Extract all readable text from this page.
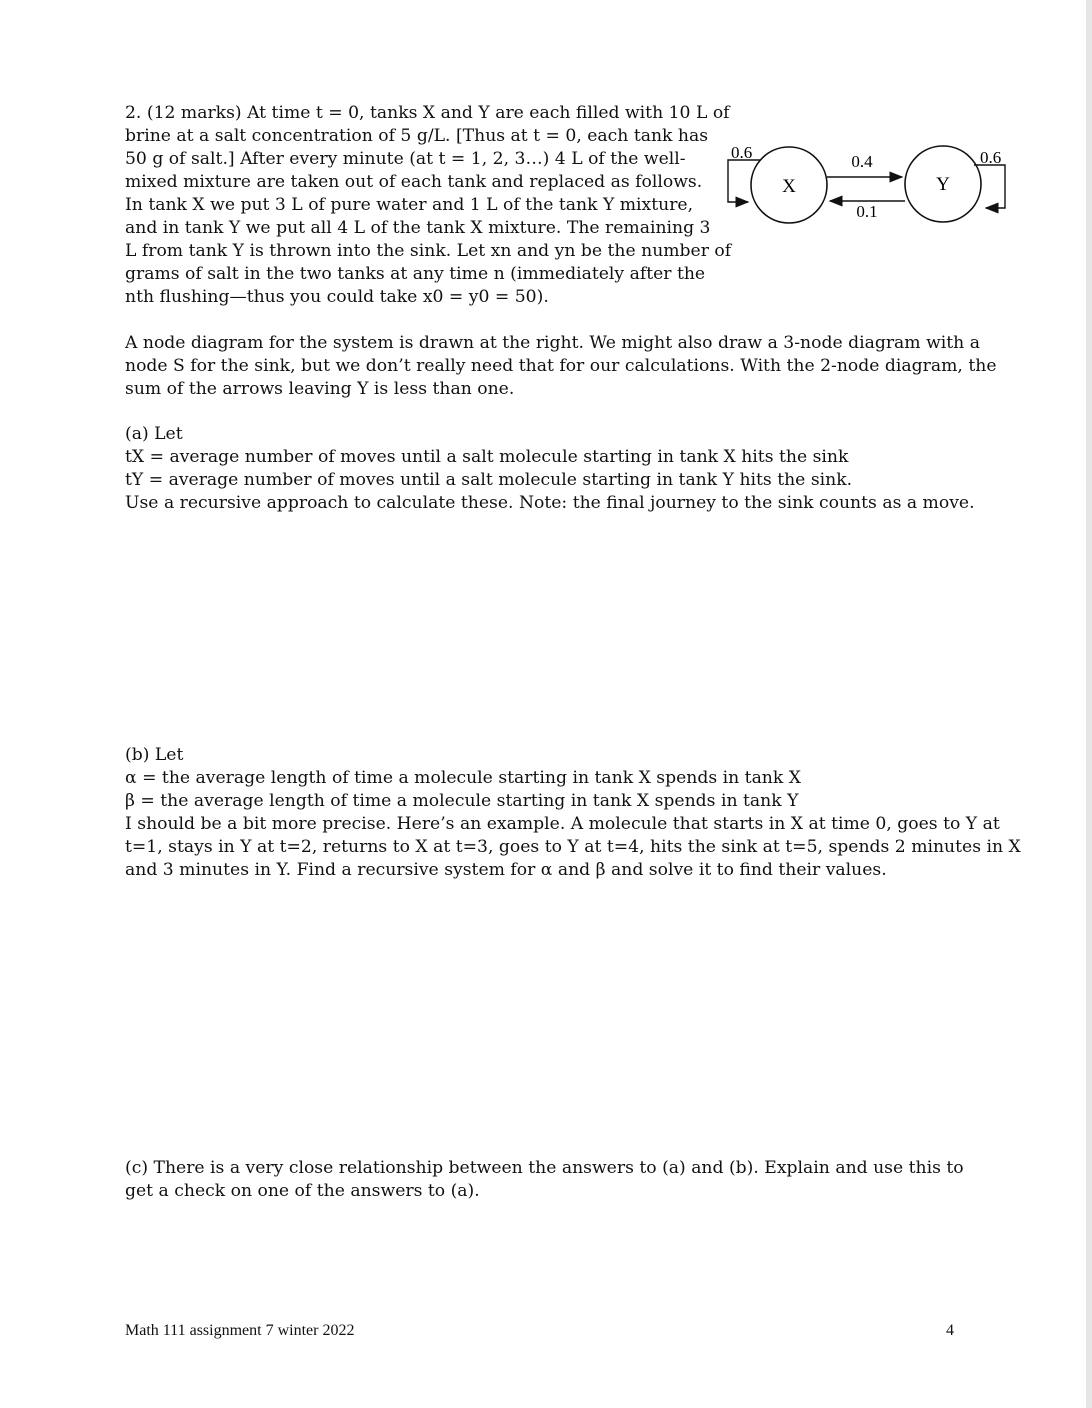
2. (12 marks) At time t = 0, tanks X and Y are each filled with 10 L of
brine at a salt concentration of 5 g/L. [Thus at t = 0, each tank has
50 g of salt.] After every minute (at t = 1, 2, 3…) 4 L of the well-
mixed mixture are taken out of each tank and replaced as follows.
In tank X we put 3 L of pure water and 1 L of the tank Y mixture,
and in tank Y we put all 4 L of the tank X mixture. The remaining 3
L from tank Y is thrown into the sink. Let xn and yn be the number of
grams of salt in the two tanks at any time n (immediately after the
nth flushing—thus you could take x0 = y0 = 50).
X	Y
0.6	0.4
0.1
0.6
A node diagram for the system is drawn at the right. We might also draw a 3-node diagram with a
node S for the sink, but we don’t really need that for our calculations. With the 2-node diagram, the
sum of the arrows leaving Y is less than one.
(a) Let
tX = average number of moves until a salt molecule starting in tank X hits the sink
tY = average number of moves until a salt molecule starting in tank Y hits the sink.
Use a recursive approach to calculate these. Note: the final journey to the sink counts as a move.
(b) Let
α = the average length of time a molecule starting in tank X spends in tank X
β = the average length of time a molecule starting in tank X spends in tank Y
I should be a bit more precise. Here’s an example. A molecule that starts in X at time 0, goes to Y at
t=1, stays in Y at t=2, returns to X at t=3, goes to Y at t=4, hits the sink at t=5, spends 2 minutes in X
and 3 minutes in Y. Find a recursive system for α and β and solve it to find their values.
(c) There is a very close relationship between the answers to (a) and (b). Explain and use this to
get a check on one of the answers to (a).
Math 111 assignment 7 winter 2022	4
